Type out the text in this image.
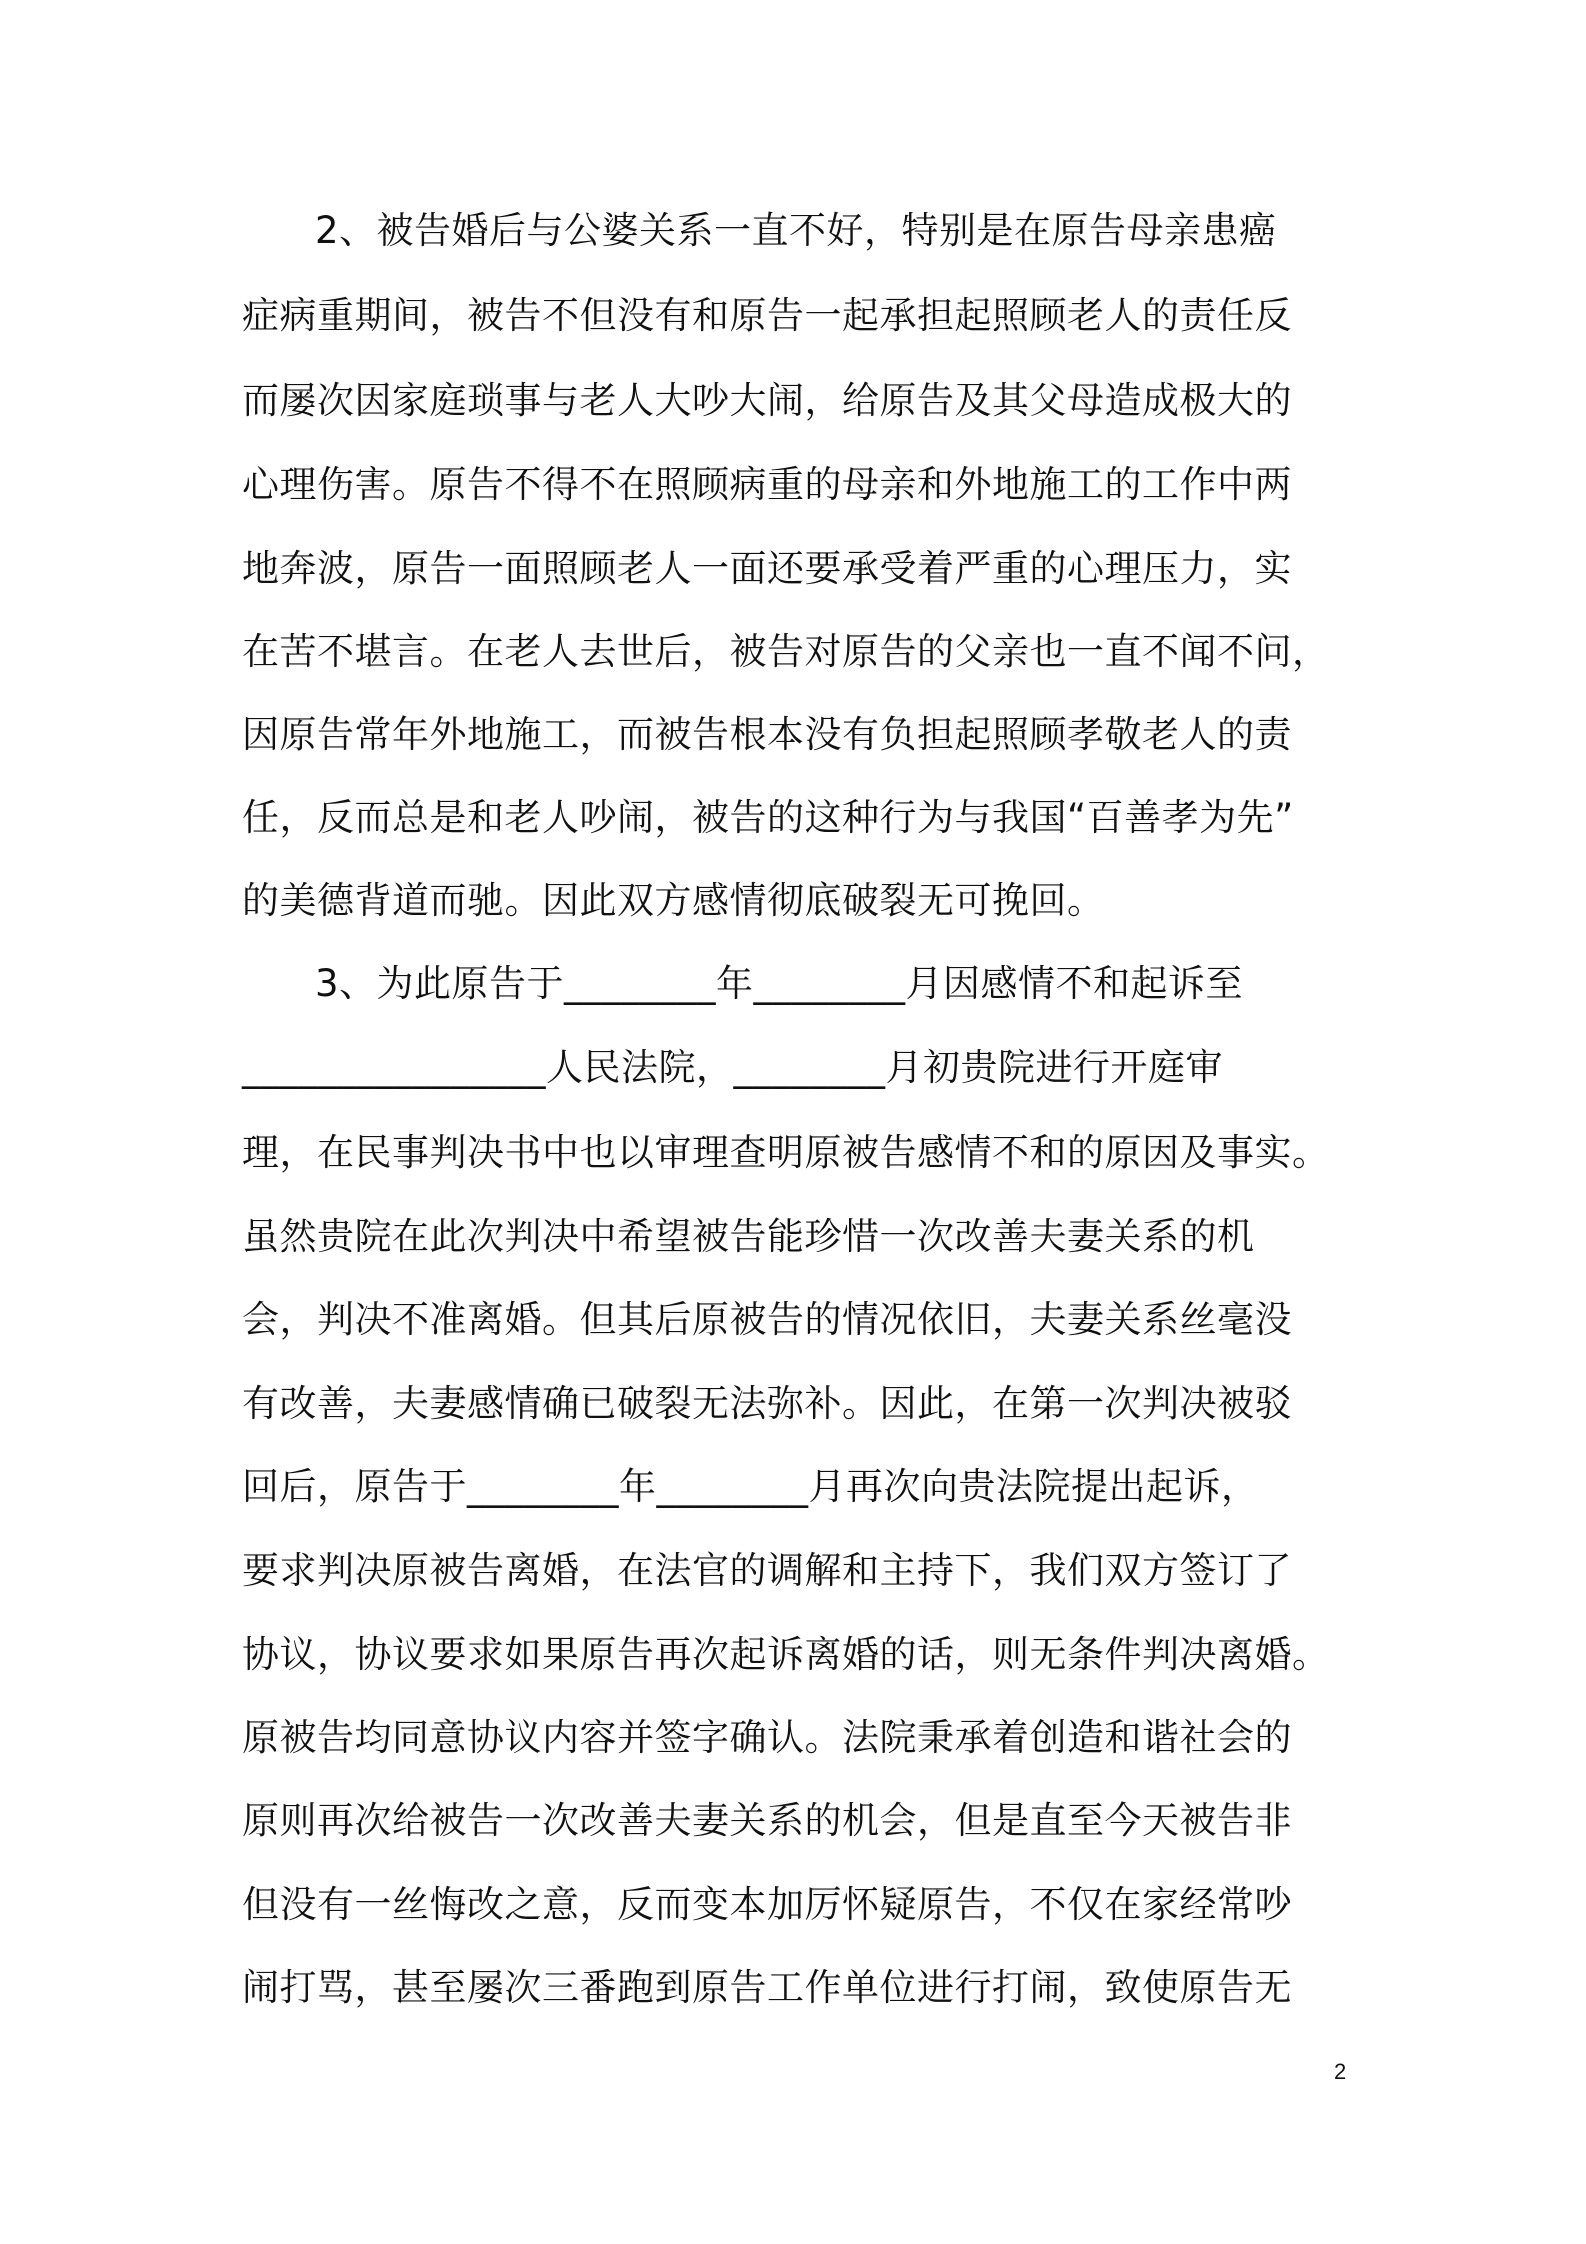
2、被告婚后与公婆关系一直不好，特别是在原告母亲患癌
症病重期间，被告不但没有和原告一起承担起照顾老人的责任反
而屡次因家庭琐事与老人大吵大闹，给原告及其父母造成极大的
心理伤害。原告不得不在照顾病重的母亲和外地施工的工作中两
地奔波，原告一面照顾老人一面还要承受着严重的心理压力，实
在苦不堪言。在老人去世后，被告对原告的父亲也一直不闻不问，
因原告常年外地施工，而被告根本没有负担起照顾孝敬老人的责
任，反而总是和老人吵闹，被告的这种行为与我国“百善孝为先”
的美德背道而驰。因此双方感情彻底破裂无可挽回。
3、为此原告于________年________月因感情不和起诉至
________________人民法院，________月初贵院进行开庭审
理，在民事判决书中也以审理查明原被告感情不和的原因及事实。
虽然贵院在此次判决中希望被告能珍惜一次改善夫妻关系的机
会，判决不准离婚。但其后原被告的情况依旧，夫妻关系丝毫没
有改善，夫妻感情确已破裂无法弥补。因此，在第一次判决被驳
回后，原告于________年________月再次向贵法院提出起诉，
要求判决原被告离婚，在法官的调解和主持下，我们双方签订了
协议，协议要求如果原告再次起诉离婚的话，则无条件判决离婚。
原被告均同意协议内容并签字确认。法院秉承着创造和谐社会的
原则再次给被告一次改善夫妻关系的机会，但是直至今天被告非
但没有一丝悔改之意，反而变本加厉怀疑原告，不仅在家经常吵
闹打骂，甚至屡次三番跑到原告工作单位进行打闹，致使原告无
2
